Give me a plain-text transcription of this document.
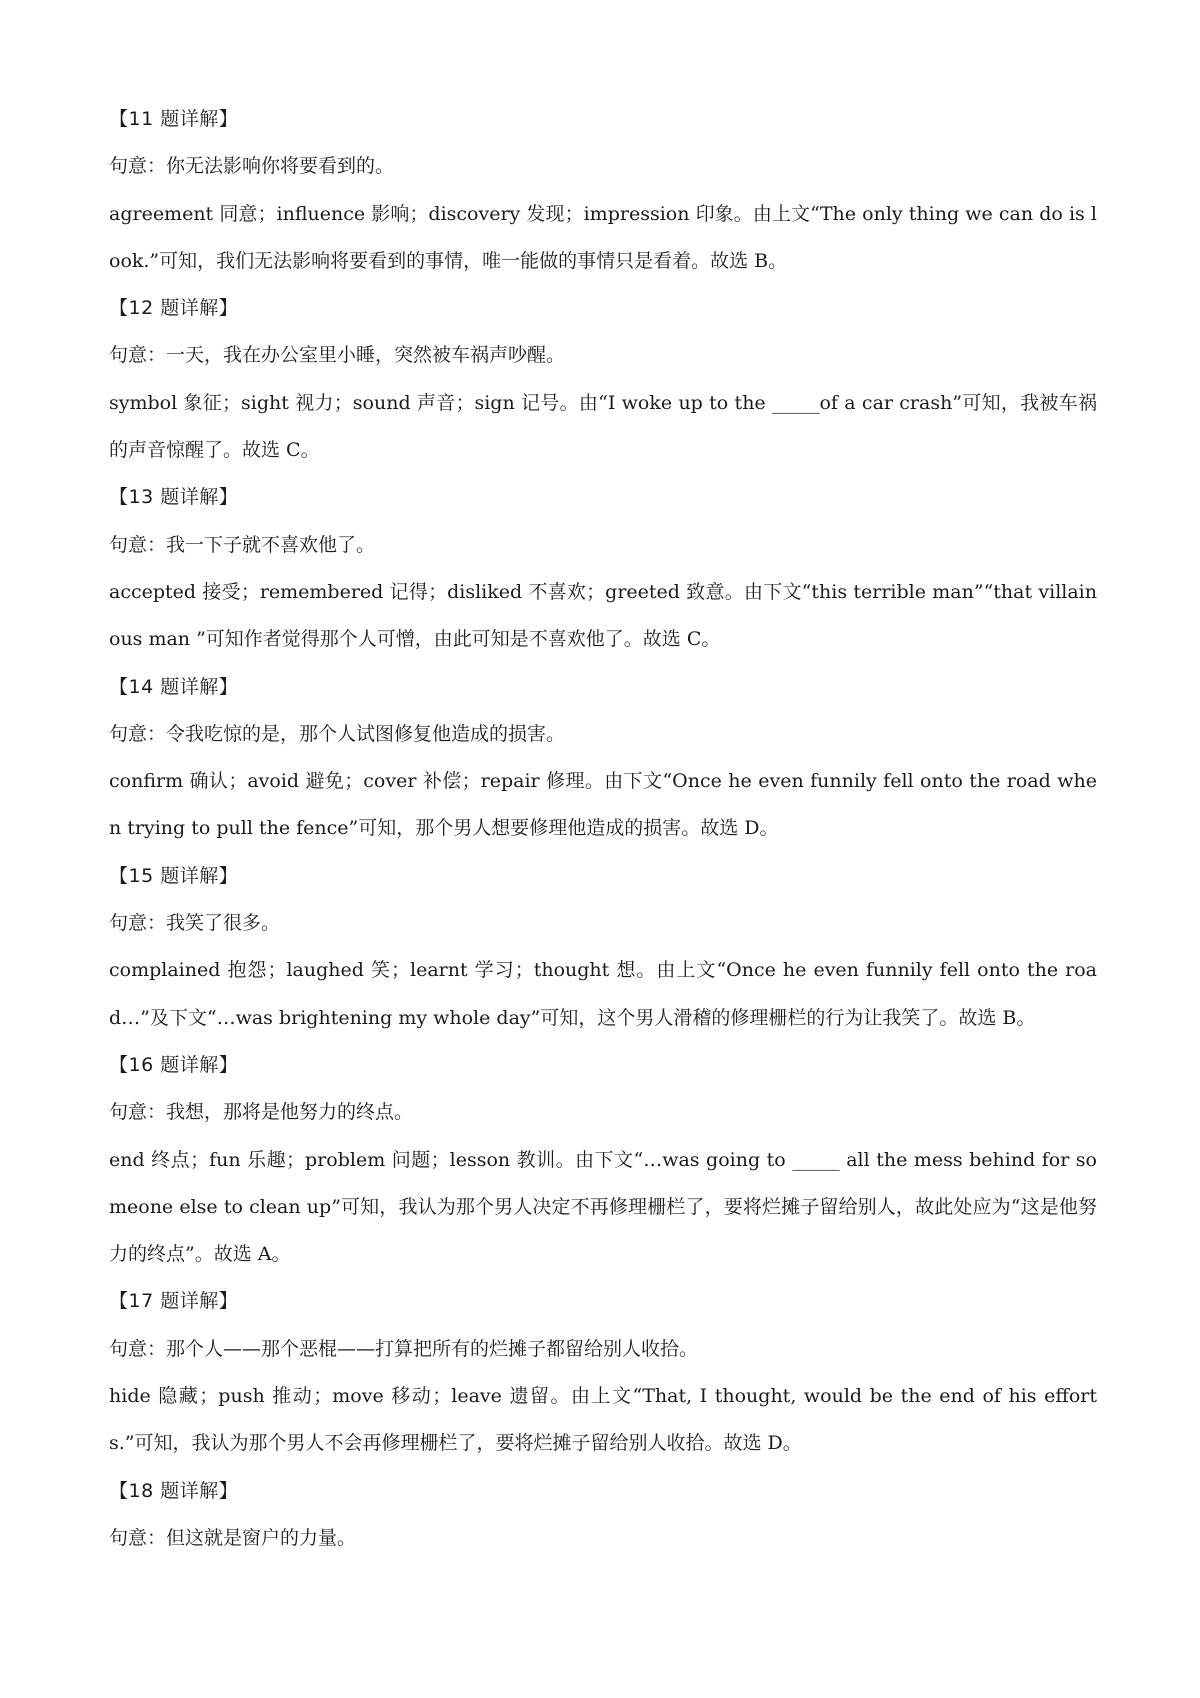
【11 题详解】
句意：你无法影响你将要看到的。
agreement 同意；influence 影响；discovery 发现；impression 印象。由上文“The only thing we can do is look.”可知，我们无法影响将要看到的事情，唯一能做的事情只是看着。故选 B。
【12 题详解】
句意：一天，我在办公室里小睡，突然被车祸声吵醒。
symbol 象征；sight 视力；sound 声音；sign 记号。由“I woke up to the _____of a car crash”可知，我被车祸的声音惊醒了。故选 C。
【13 题详解】
句意：我一下子就不喜欢他了。
accepted 接受；remembered 记得；disliked 不喜欢；greeted 致意。由下文“this terrible man”“that villainous man ”可知作者觉得那个人可憎，由此可知是不喜欢他了。故选 C。
【14 题详解】
句意：令我吃惊的是，那个人试图修复他造成的损害。
confirm 确认；avoid 避免；cover 补偿；repair 修理。由下文“Once he even funnily fell onto the road when trying to pull the fence”可知，那个男人想要修理他造成的损害。故选 D。
【15 题详解】
句意：我笑了很多。
complained 抱怨；laughed 笑；learnt 学习；thought 想。由上文“Once he even funnily fell onto the road…”及下文“…was brightening my whole day”可知，这个男人滑稽的修理栅栏的行为让我笑了。故选 B。
【16 题详解】
句意：我想，那将是他努力的终点。
end 终点；fun 乐趣；problem 问题；lesson 教训。由下文“…was going to _____ all the mess behind for someone else to clean up”可知，我认为那个男人决定不再修理栅栏了，要将烂摊子留给别人，故此处应为“这是他努力的终点”。故选 A。
【17 题详解】
句意：那个人——那个恶棍——打算把所有的烂摊子都留给别人收拾。
hide 隐藏；push 推动；move 移动；leave 遗留。由上文“That, I thought, would be the end of his efforts.”可知，我认为那个男人不会再修理栅栏了，要将烂摊子留给别人收拾。故选 D。
【18 题详解】
句意：但这就是窗户的力量。
